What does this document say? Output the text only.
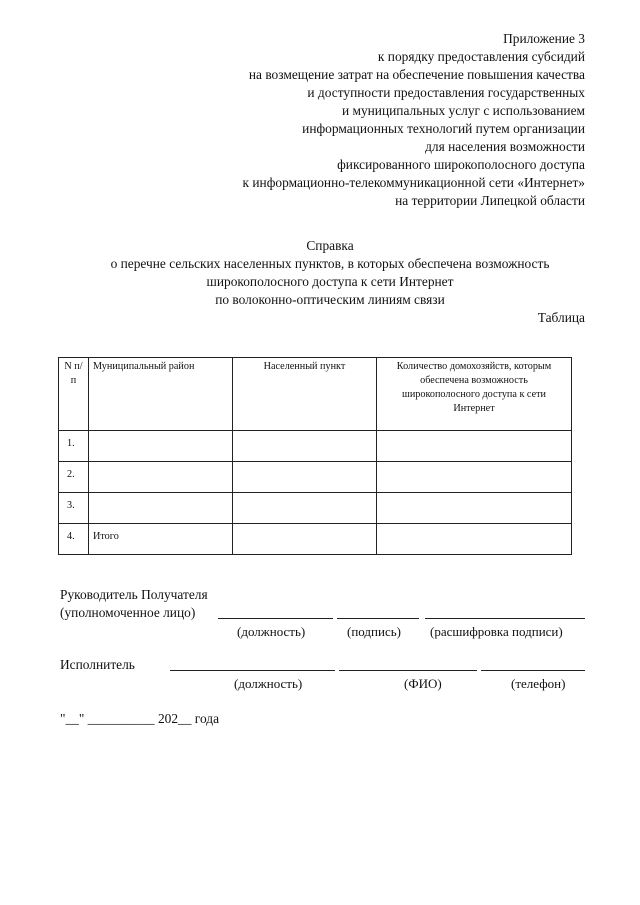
Приложение 3
к порядку предоставления субсидий
на возмещение затрат на обеспечение повышения качества
и доступности предоставления государственных
и муниципальных услуг с использованием
информационных технологий путем организации
для населения возможности
фиксированного широкополосного доступа
к информационно-телекоммуникационной сети «Интернет»
на территории Липецкой области
Справка
о перечне сельских населенных пунктов, в которых обеспечена возможность
широкополосного доступа к сети Интернет
по волоконно-оптическим линиям связи
Таблица
N п/п	Муниципальный район	Населенный пункт	Количество домохозяйств, которым обеспечена возможность широкополосного доступа к сети Интернет
1.			
2.			
3.			
4.	Итого		
Руководитель Получателя
(уполномоченное лицо)
(должность)	(подпись) (расшифровка подписи)
Исполнитель
(должность)	(ФИО)	(телефон)
"__" __________ 202__ года
